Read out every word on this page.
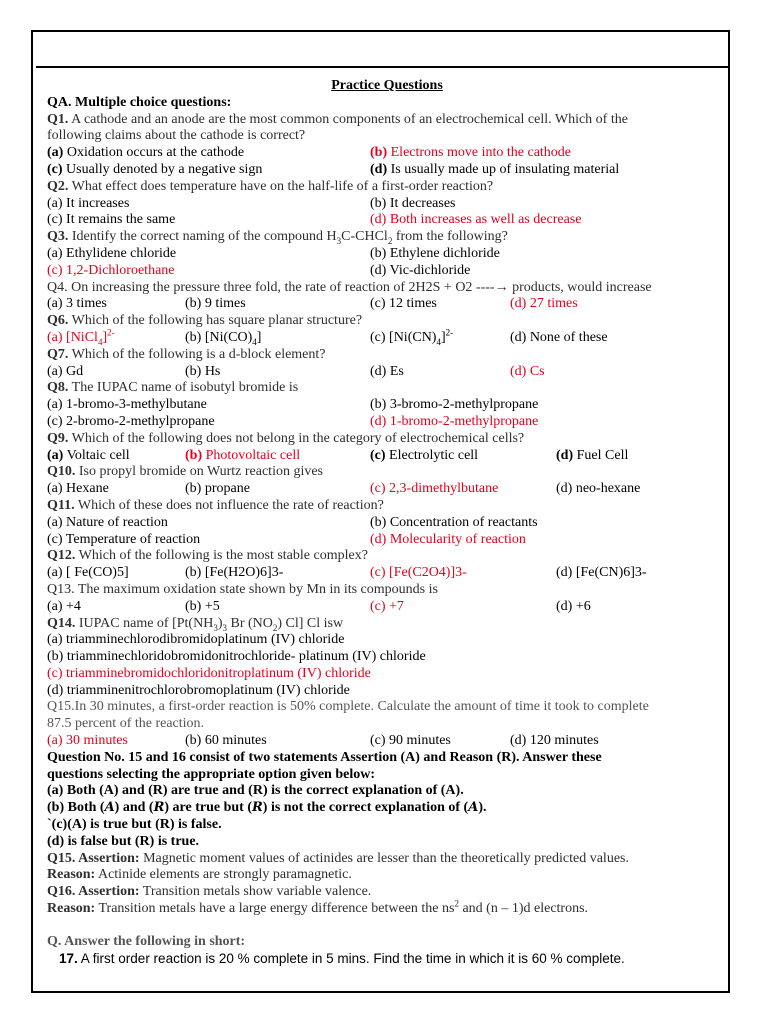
Practice Questions
QA. Multiple choice questions:
Q1. A cathode and an anode are the most common components of an electrochemical cell. Which of the
following claims about the cathode is correct?
(a) Oxidation occurs at the cathode	(b) Electrons move into the cathode
(c) Usually denoted by a negative sign	(d) Is usually made up of insulating material
Q2. What effect does temperature have on the half-life of a first-order reaction?
(a) It increases	(b) It decreases
(c) It remains the same	(d) Both increases as well as decrease
Q3. Identify the correct naming of the compound $H_3C-CHCl_2$ from the following?
(a) Ethylidene chloride	(b) Ethylene dichloride
(c) 1,2-Dichloroethane	(d) Vic-dichloride
Q4. On increasing the pressure three fold, the rate of reaction of 2H2S + O2 ----→ products, would increase
(a) 3 times	(b) 9 times	(c) 12 times	(d) 27 times
Q6. Which of the following has square planar structure?
(a) [NiCl$_4$]$^{2-}$	(b) $[Ni(CO)_4]$	(c) $[Ni(CN)_4]^{2-}$	(d) None of these
Q7. Which of the following is a d-block element?
(a) Gd	(b) Hs	(d) Es	(d) Cs
Q8. The IUPAC name of isobutyl bromide is
(a) 1-bromo-3-methylbutane	(b) 3-bromo-2-methylpropane
(c) 2-bromo-2-methylpropane	(d) 1-bromo-2-methylpropane
Q9. Which of the following does not belong in the category of electrochemical cells?
(a) Voltaic cell	(b) Photovoltaic cell	(c) Electrolytic cell	(d) Fuel Cell
Q10. Iso propyl bromide on Wurtz reaction gives
(a) Hexane	(b) propane	(c) 2,3-dimethylbutane	(d) neo-hexane
Q11. Which of these does not influence the rate of reaction?
(a) Nature of reaction	(b) Concentration of reactants
(c) Temperature of reaction	(d) Molecularity of reaction
Q12. Which of the following is the most stable complex?
(a) [ Fe(CO)5]	(b) [Fe(H2O)6]3-	(c) [Fe(C2O4)]3-	(d) [Fe(CN)6]3-
Q13. The maximum oxidation state shown by Mn in its compounds is
(a) +4	(b) +5	(c) +7	(d) +6
Q14. IUPAC name of [$Pt(NH_3)_3$ Br $(NO_2)$ Cl] Cl isw
(a) triamminechlorodibromidoplatinum (IV) chloride
(b) triamminechloridobromidonitrochloride- platinum (IV) chloride
(c) triamminebromidochloridonitroplatinum (IV) chloride
(d) triamminenitrochlorobromoplatinum (IV) chloride
Q15.In 30 minutes, a first-order reaction is 50% complete. Calculate the amount of time it took to complete
87.5 percent of the reaction.
(a) 30 minutes	(b) 60 minutes	(c) 90 minutes	(d) 120 minutes
Question No. 15 and 16 consist of two statements Assertion (A) and Reason (R). Answer these
questions selecting the appropriate option given below:
(a) Both (A) and (R) are true and (R) is the correct explanation of (A).
(b) Both (A) and (R) are true but (R) is not the correct explanation of (A).
`(c)(A) is true but (R) is false.
(d) is false but (R) is true.
Q15. Assertion: Magnetic moment values of actinides are lesser than the theoretically predicted values.
Reason: Actinide elements are strongly paramagnetic.
Q16. Assertion: Transition metals show variable valence.
Reason: Transition metals have a large energy difference between the $ns^2$ and (n – 1)d electrons.
Q. Answer the following in short:
17. A first order reaction is 20 % complete in 5 mins. Find the time in which it is 60 % complete.
